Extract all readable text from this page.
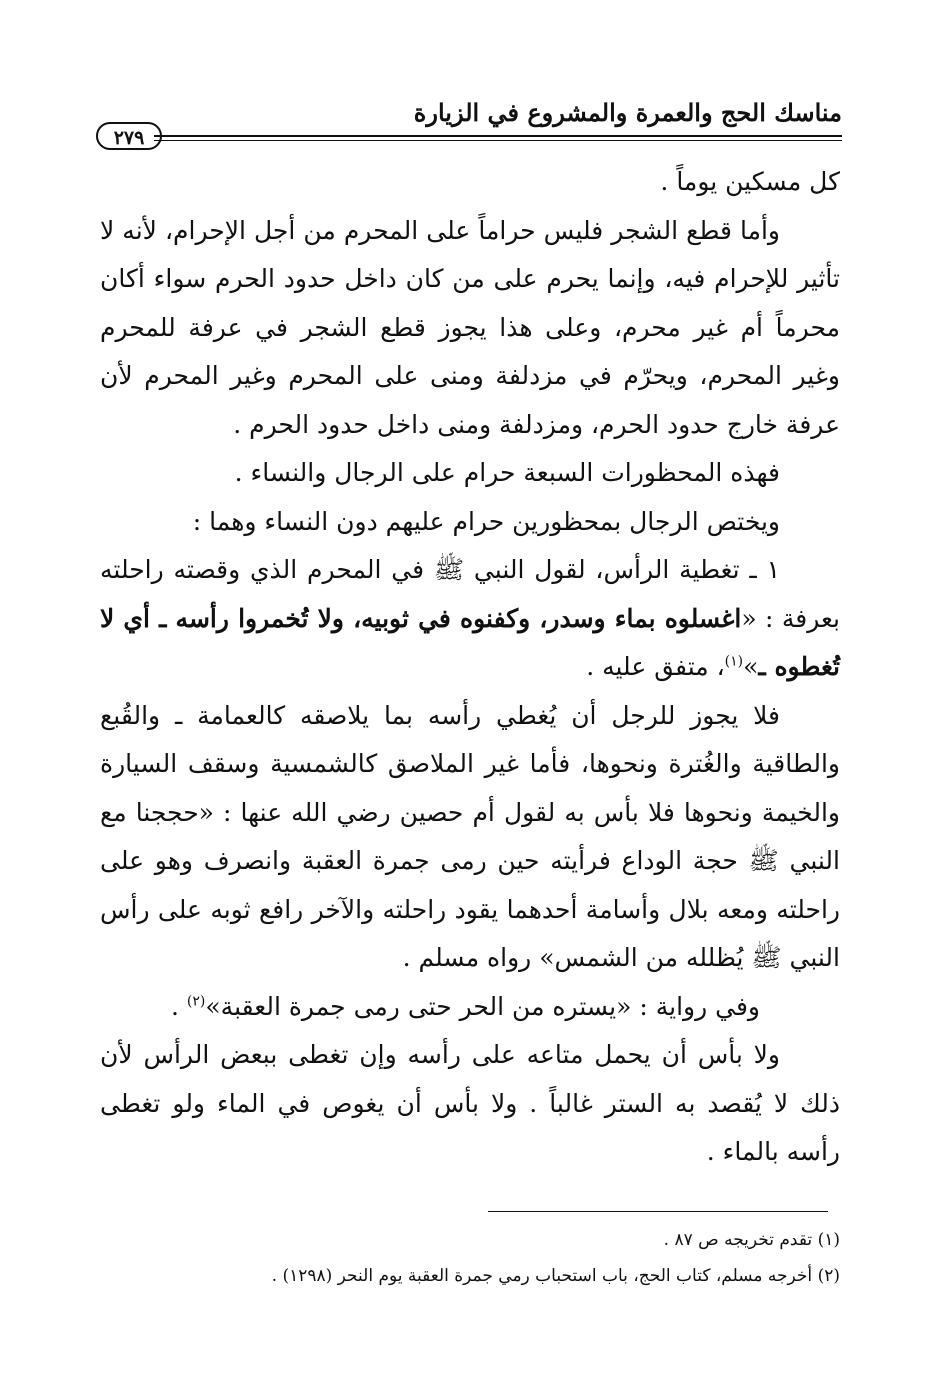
مناسك الحج والعمرة والمشروع في الزيارة
٢٧٩

كل مسكين يوماً .

وأما قطع الشجر فليس حراماً على المحرم من أجل الإحرام، لأنه لا تأثير للإحرام فيه، وإنما يحرم على من كان داخل حدود الحرم سواء أكان محرماً أم غير محرم، وعلى هذا يجوز قطع الشجر في عرفة للمحرم وغير المحرم، ويحرّم في مزدلفة ومنى على المحرم وغير المحرم لأن عرفة خارج حدود الحرم، ومزدلفة ومنى داخل حدود الحرم .

فهذه المحظورات السبعة حرام على الرجال والنساء .

ويختص الرجال بمحظورين حرام عليهم دون النساء وهما :

١ ـ تغطية الرأس، لقول النبي ﷺ في المحرم الذي وقصته راحلته بعرفة : «اغسلوه بماء وسدر، وكفنوه في ثوبيه، ولا تُخمروا رأسه ـ أي لا تُغطوه ـ»$^{(١)}$، متفق عليه .

فلا يجوز للرجل أن يُغطي رأسه بما يلاصقه كالعمامة ـ والقُبع والطاقية والغُترة ونحوها، فأما غير الملاصق كالشمسية وسقف السيارة والخيمة ونحوها فلا بأس به لقول أم حصين رضي الله عنها : «حججنا مع النبي ﷺ حجة الوداع فرأيته حين رمى جمرة العقبة وانصرف وهو على راحلته ومعه بلال وأسامة أحدهما يقود راحلته والآخر رافع ثوبه على رأس النبي ﷺ يُظلله من الشمس» رواه مسلم .

وفي رواية : «يستره من الحر حتى رمى جمرة العقبة»$^{(٢)}$ .

ولا بأس أن يحمل متاعه على رأسه وإن تغطى ببعض الرأس لأن ذلك لا يُقصد به الستر غالباً . ولا بأس أن يغوص في الماء ولو تغطى رأسه بالماء .

(١) تقدم تخريجه ص ٨٧ .
(٢) أخرجه مسلم، كتاب الحج، باب استحباب رمي جمرة العقبة يوم النحر (١٢٩٨) .
